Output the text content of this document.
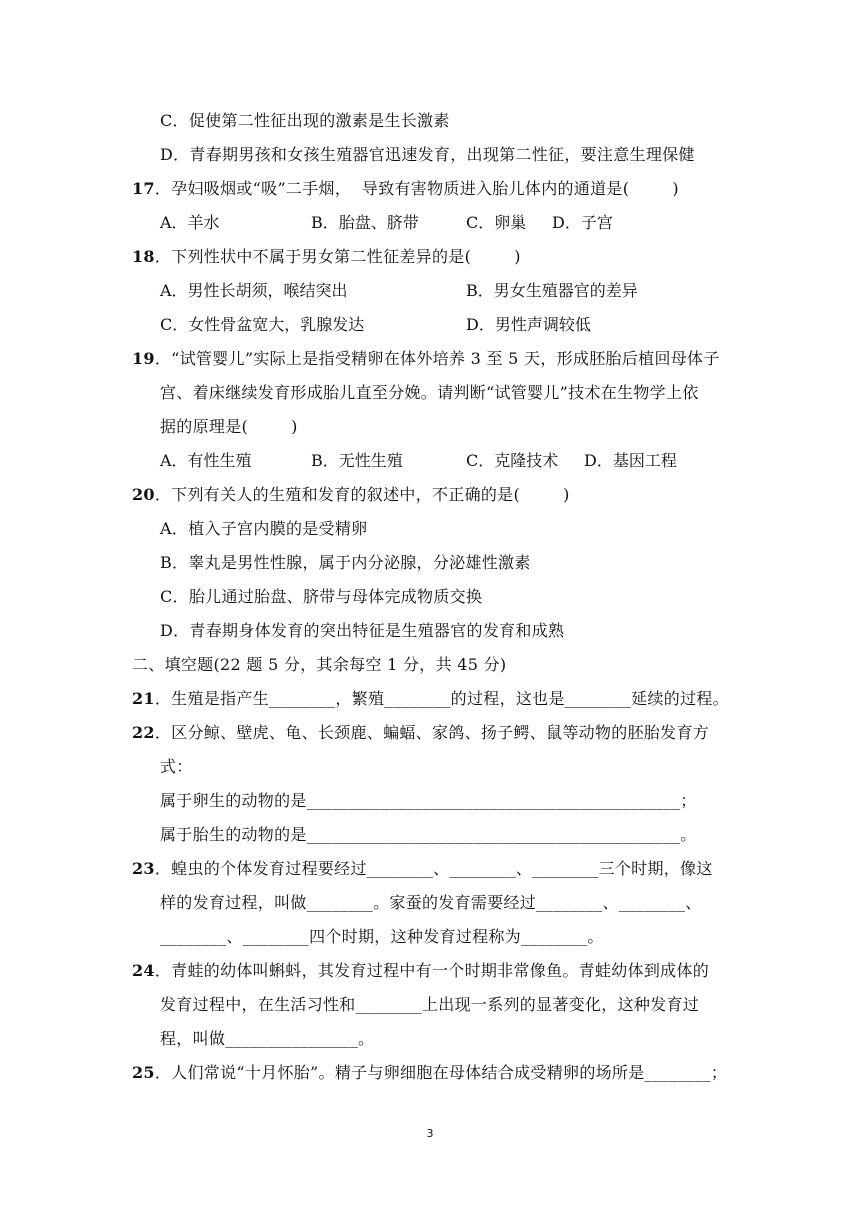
C．促使第二性征出现的激素是生长激素
D．青春期男孩和女孩生殖器官迅速发育，出现第二性征，要注意生理保健
17．孕妇吸烟或“吸”二手烟，  导致有害物质进入胎儿体内的通道是(        )
A．羊水	B．胎盘、脐带	C．卵巢 D．子宫
18．下列性状中不属于男女第二性征差异的是(        )
A．男性长胡须，喉结突出	B．男女生殖器官的差异
C．女性骨盆宽大，乳腺发达	D．男性声调较低
19．“试管婴儿”实际上是指受精卵在体外培养 3 至 5 天，形成胚胎后植回母体子
宫、着床继续发育形成胎儿直至分娩。请判断“试管婴儿”技术在生物学上依
据的原理是(        )
A．有性生殖	B．无性生殖	C．克隆技术 D．基因工程
20．下列有关人的生殖和发育的叙述中，不正确的是(        )
A．植入子宫内膜的是受精卵
B．睾丸是男性性腺，属于内分泌腺，分泌雄性激素
C．胎儿通过胎盘、脐带与母体完成物质交换
D．青春期身体发育的突出特征是生殖器官的发育和成熟
二、填空题(22 题 5 分，其余每空 1 分，共 45 分)
21．生殖是指产生________，繁殖________的过程，这也是________延续的过程。
22．区分鲸、壁虎、龟、长颈鹿、蝙蝠、家鸽、扬子鳄、鼠等动物的胚胎发育方
式：
属于卵生的动物的是_____________________________________________；
属于胎生的动物的是_____________________________________________。
23．蝗虫的个体发育过程要经过________、________、________三个时期，像这
样的发育过程，叫做________。家蚕的发育需要经过________、________、
________、________四个时期，这种发育过程称为________。
24．青蛙的幼体叫蝌蚪，其发育过程中有一个时期非常像鱼。青蛙幼体到成体的
发育过程中，在生活习性和________上出现一系列的显著变化，这种发育过
程，叫做________________。
25．人们常说“十月怀胎”。精子与卵细胞在母体结合成受精卵的场所是________；
3
